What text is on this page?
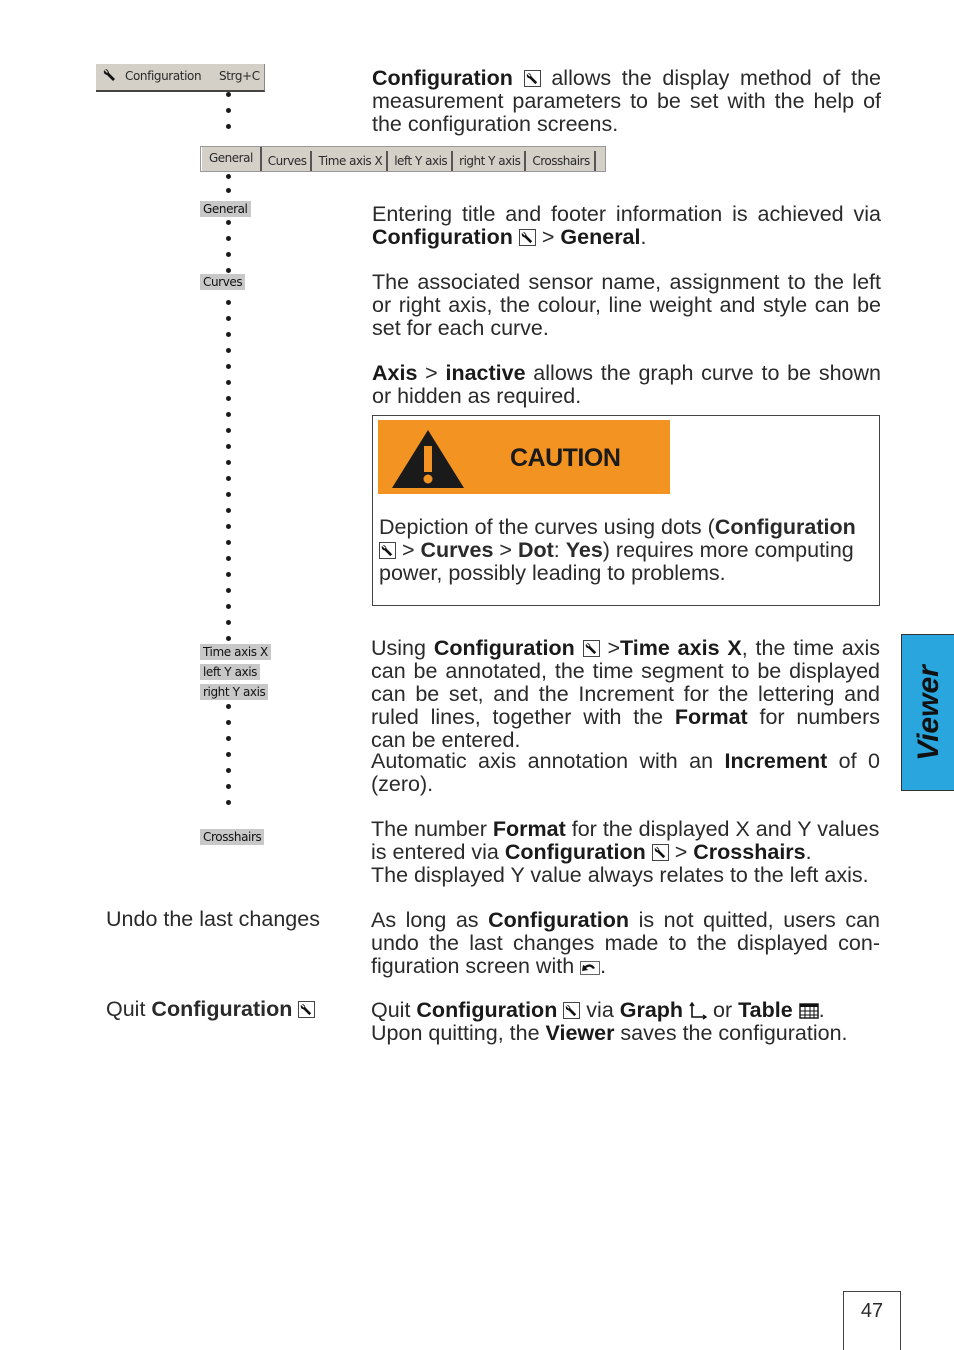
Configuration Strg+C
General	Curves	Time axis X	left Y axis	right Y axis	Crosshairs
General
Curves
Time axis X
left Y axis
right Y axis
Crosshairs
Undo the last changes
Quit Configuration
Configuration
allows the display method of the measurement parameters to be set with the help of the configuration screens.
Entering title and footer information is achieved via Configuration
> General.
The associated sensor name, assignment to the left or right axis, the colour, line weight and style can be set for each curve.
Axis > inactive allows the graph curve to be shown or hidden as required.
CAUTION
Depiction of the curves using dots (Configuration
> Curves > Dot: Yes) requires more computing power, possibly leading to problems.
Using Configuration
>Time axis X, the time axis can be annotated, the time segment to be displayed can be set, and the Increment for the lettering and ruled lines, together with the Format for numbers can be entered.
Automatic axis annotation with an Increment of 0 (zero).
The number Format for the displayed X and Y values is entered via Configuration
> Crosshairs.
The displayed Y value always relates to the left axis.
As long as Configuration is not quitted, users can undo the last changes made to the displayed con-figuration screen with
.
Quit Configuration
via Graph  or Table .
Upon quitting, the Viewer saves the configuration.
Viewer
47
